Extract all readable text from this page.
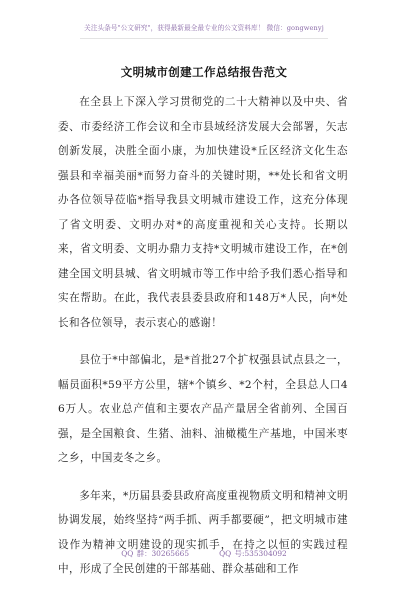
关注头条号"公文研究"，获得最新最全最专业的公文资料库！ 微信：gongwenyj
文明城市创建工作总结报告范文

在全县上下深入学习贯彻党的二十大精神以及中央、省委、市委经济工作会议和全市县域经济发展大会部署，矢志创新发展，决胜全面小康，为加快建设*丘区经济文化生态强县和幸福美丽*而努力奋斗的关键时期，**处长和省文明办各位领导莅临*指导我县文明城市建设工作，这充分体现了省文明委、文明办对*的高度重视和关心支持。长期以来，省文明委、文明办鼎力支持*文明城市建设工作，在*创建全国文明县城、省文明城市等工作中给予我们悉心指导和实在帮助。在此，我代表县委县政府和148万*人民，向*处长和各位领导，表示衷心的感谢！

县位于*中部偏北，是*首批27个扩权强县试点县之一，幅员面积*59平方公里，辖*个镇乡、*2个村，全县总人口46万人。农业总产值和主要农产品产量居全省前列、全国百强，是全国粮食、生猪、油料、油橄榄生产基地，中国米枣之乡，中国麦冬之乡。

多年来，*历届县委县政府高度重视物质文明和精神文明协调发展，始终坚持“两手抓、两手都要硬”，把文明城市建设作为精神文明建设的现实抓手，在持之以恒的实践过程中，形成了全民创建的干部基础、群众基础和工作

QQ 群：30265665	QQ 号:535304092
